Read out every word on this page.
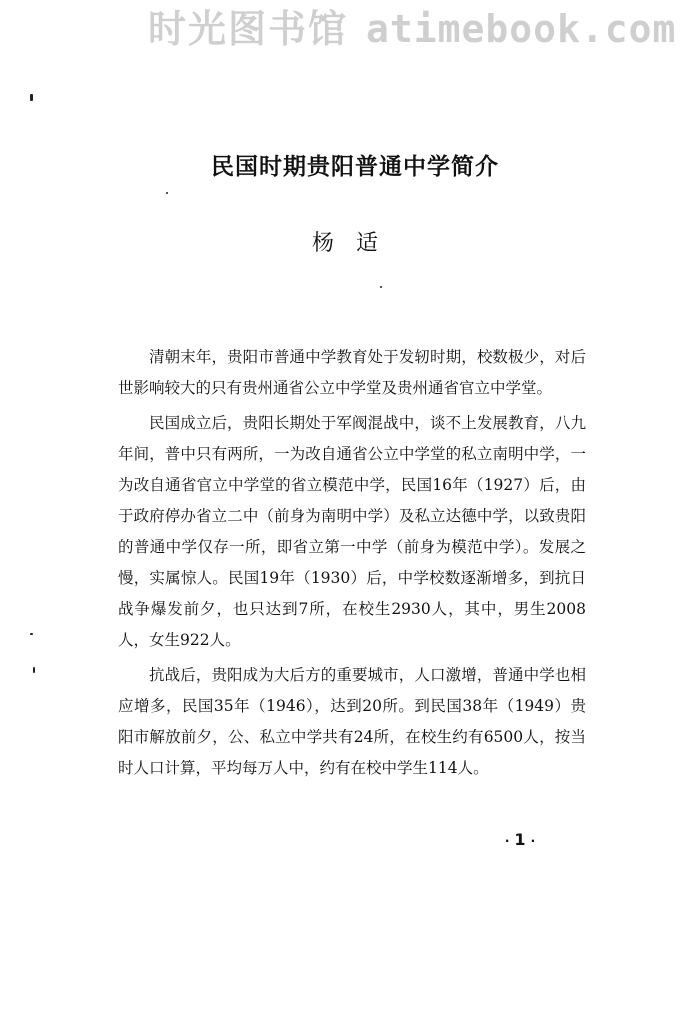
时光图书馆 atimebook.com
民国时期贵阳普通中学简介
杨适

清朝末年，贵阳市普通中学教育处于发轫时期，校数极少，对后世影响较大的只有贵州通省公立中学堂及贵州通省官立中学堂。

民国成立后，贵阳长期处于军阀混战中，谈不上发展教育，八九年间，普中只有两所，一为改自通省公立中学堂的私立南明中学，一为改自通省官立中学堂的省立模范中学，民国16年（1927）后，由于政府停办省立二中（前身为南明中学）及私立达德中学，以致贵阳的普通中学仅存一所，即省立第一中学（前身为模范中学）。发展之慢，实属惊人。民国19年（1930）后，中学校数逐渐增多，到抗日战争爆发前夕，也只达到7所，在校生2930人，其中，男生2008人，女生922人。

抗战后，贵阳成为大后方的重要城市，人口激增，普通中学也相应增多，民国35年（1946），达到20所。到民国38年（1949）贵阳市解放前夕，公、私立中学共有24所，在校生约有6500人，按当时人口计算，平均每万人中，约有在校中学生114人。

· 1 ·
